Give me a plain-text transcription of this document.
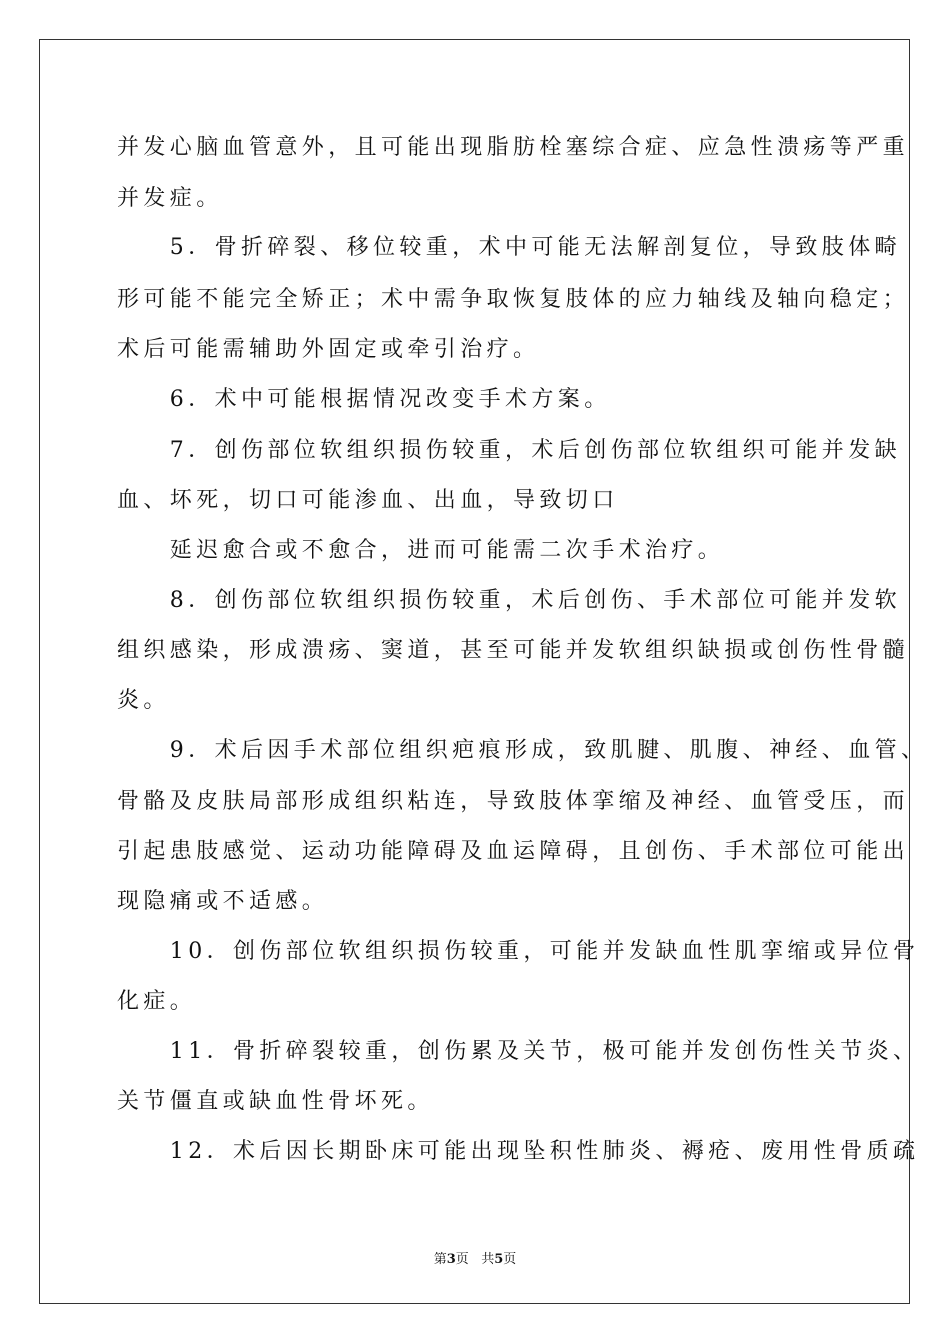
并发心脑血管意外，且可能出现脂肪栓塞综合症、应急性溃疡等严重

并发症。

　　5．骨折碎裂、移位较重，术中可能无法解剖复位，导致肢体畸

形可能不能完全矫正；术中需争取恢复肢体的应力轴线及轴向稳定；

术后可能需辅助外固定或牵引治疗。

　　6．术中可能根据情况改变手术方案。

　　7．创伤部位软组织损伤较重，术后创伤部位软组织可能并发缺

血、坏死，切口可能渗血、出血，导致切口

　　延迟愈合或不愈合，进而可能需二次手术治疗。

　　8．创伤部位软组织损伤较重，术后创伤、手术部位可能并发软

组织感染，形成溃疡、窦道，甚至可能并发软组织缺损或创伤性骨髓

炎。

　　9．术后因手术部位组织疤痕形成，致肌腱、肌腹、神经、血管、

骨骼及皮肤局部形成组织粘连，导致肢体挛缩及神经、血管受压，而

引起患肢感觉、运动功能障碍及血运障碍，且创伤、手术部位可能出

现隐痛或不适感。

　　10．创伤部位软组织损伤较重，可能并发缺血性肌挛缩或异位骨

化症。

　　11．骨折碎裂较重，创伤累及关节，极可能并发创伤性关节炎、

关节僵直或缺血性骨坏死。

　　12．术后因长期卧床可能出现坠积性肺炎、褥疮、废用性骨质疏

第3页 共5页
